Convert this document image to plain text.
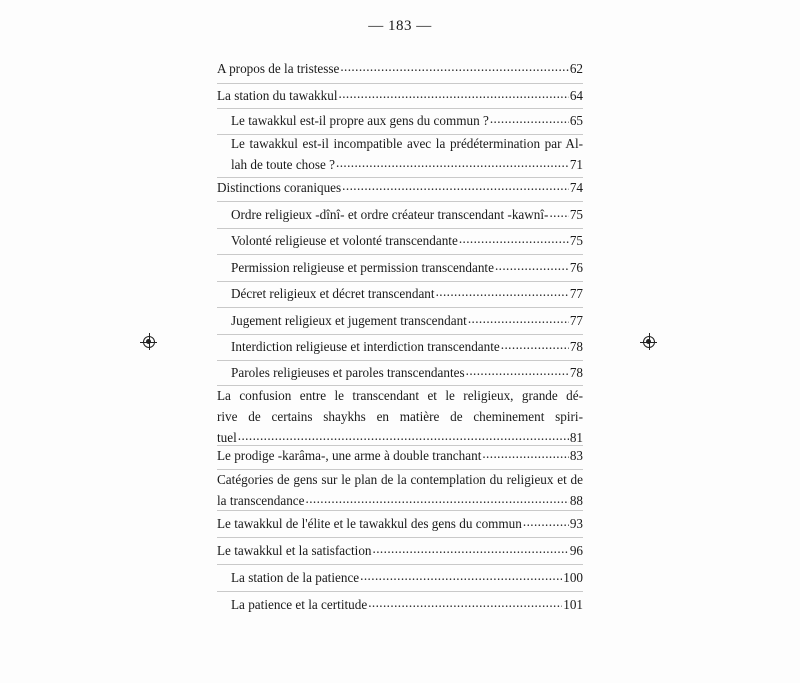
— 183 —
A propos de la tristesse .....	62
La station du tawakkul .....	64
Le tawakkul est-il propre aux gens du commun ? .....	65
Le tawakkul est-il incompatible avec la prédétermination par Al-
lah de toute chose ? .....	71
Distinctions coraniques .....	74
Ordre religieux -dînî- et ordre créateur transcendant -kawnî- ..... 75
Volonté religieuse et volonté transcendante .....	75
Permission religieuse et permission transcendante .....	76
Décret religieux et décret transcendant .....	77
Jugement religieux et jugement transcendant .....	77
Interdiction religieuse et interdiction transcendante .....	78
Paroles religieuses et paroles transcendantes .....	78
La confusion entre le transcendant et le religieux, grande dé-
rive de certains shaykhs en matière de cheminement spiri-
tuel .....	81
Le prodige -karâma-, une arme à double tranchant .....	83
Catégories de gens sur le plan de la contemplation du religieux et de
la transcendance .....	88
Le tawakkul de l'élite et le tawakkul des gens du commun .....	93
Le tawakkul et la satisfaction .....	96
La station de la patience .....	100
La patience et la certitude .....	101
